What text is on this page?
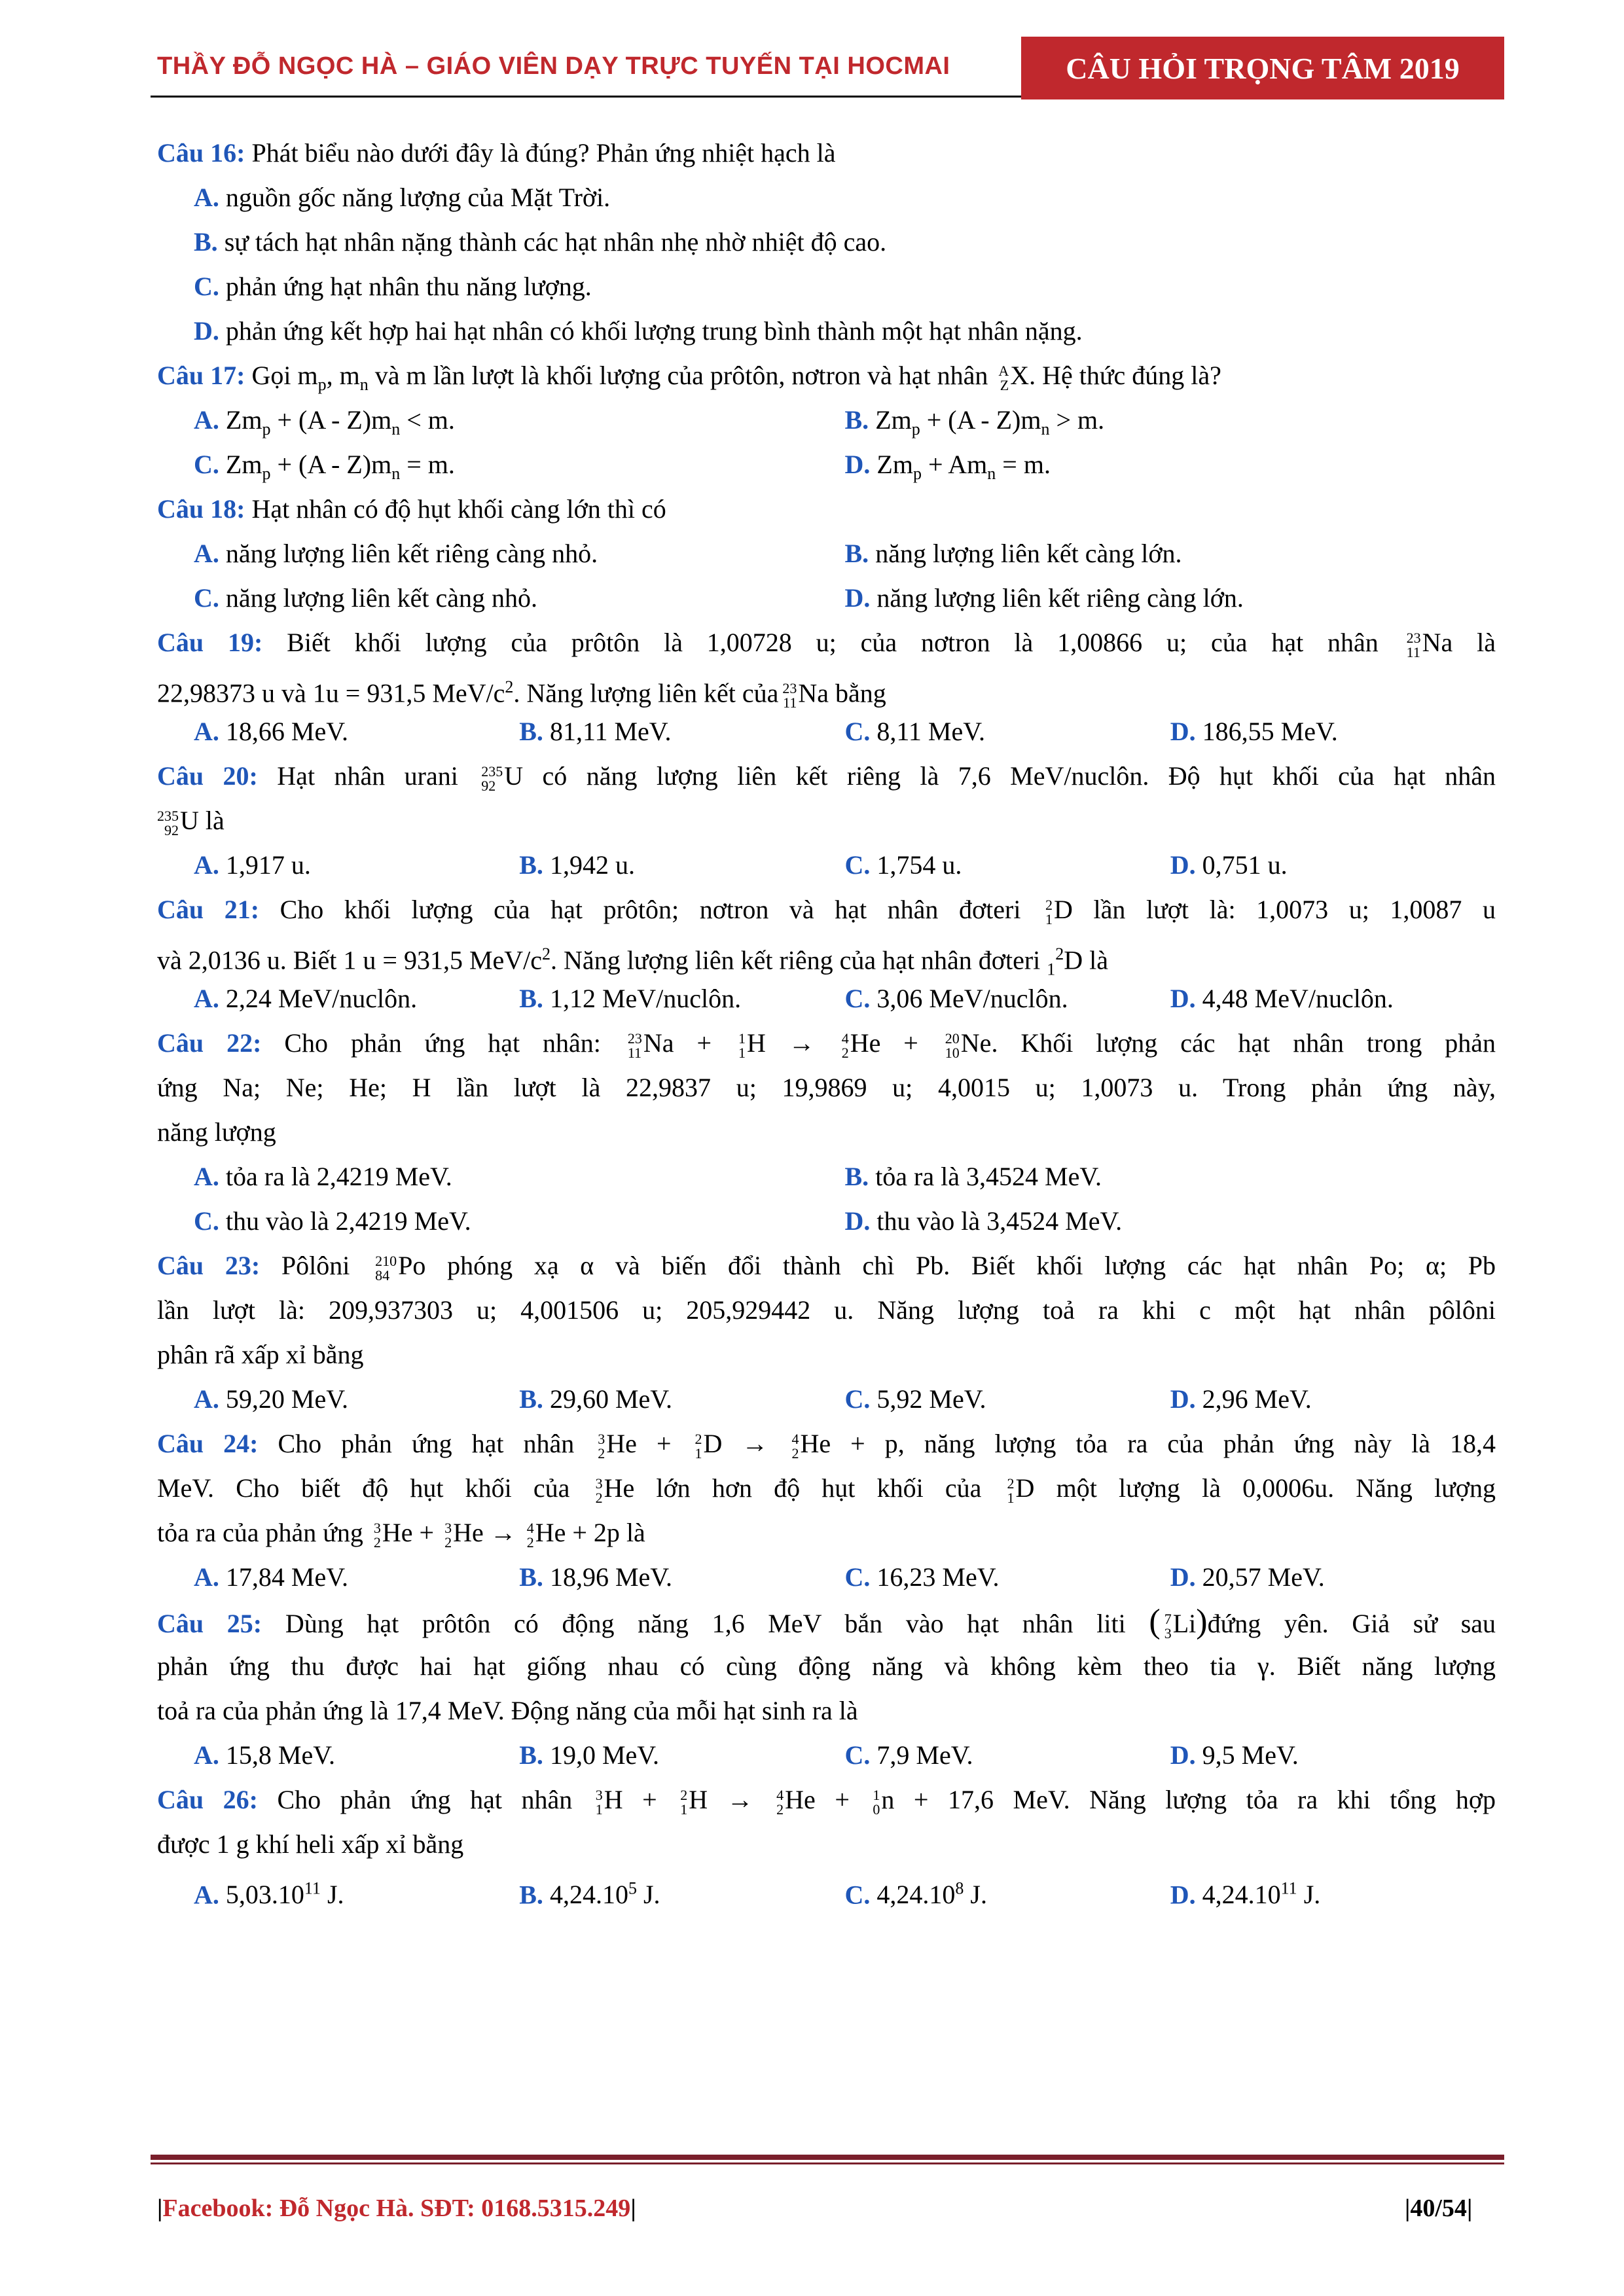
THẦY ĐỖ NGỌC HÀ – GIÁO VIÊN DẠY TRỰC TUYẾN TẠI HOCMAI	CÂU HỎI TRỌNG TÂM 2019
Câu 16: Phát biểu nào dưới đây là đúng? Phản ứng nhiệt hạch là
A. nguồn gốc năng lượng của Mặt Trời.
B. sự tách hạt nhân nặng thành các hạt nhân nhẹ nhờ nhiệt độ cao.
C. phản ứng hạt nhân thu năng lượng.
D. phản ứng kết hợp hai hạt nhân có khối lượng trung bình thành một hạt nhân nặng.
Câu 17: Gọi $m_p$, $m_n$ và m lần lượt là khối lượng của prôtôn, nơtron và hạt nhân A
Z X. Hệ thức đúng là?
A. $Zm_p + (A - Z)m_n < m$.	B. $Zm_p + (A - Z)m_n > m$.
C. $Zm_p + (A - Z)m_n = m$.	D. $Zm_p + Am_n = m$.
Câu 18: Hạt nhân có độ hụt khối càng lớn thì có
A. năng lượng liên kết riêng càng nhỏ.	B. năng lượng liên kết càng lớn.
C. năng lượng liên kết càng nhỏ.	D. năng lượng liên kết riêng càng lớn.
Câu 19: Biết khối lượng của prôtôn là 1,00728 u; của nơtron là 1,00866 u; của hạt nhân 23
11 Na là
22,98373 u và 1u = 931,5 MeV/$c^2$. Năng lượng liên kết của 23
11 Na bằng
A. 18,66 MeV.	B. 81,11 MeV.	C. 8,11 MeV.	D. 186,55 MeV.
Câu 20: Hạt nhân urani 235
92 U có năng lượng liên kết riêng là 7,6 MeV/nuclôn. Độ hụt khối của hạt nhân
235
92 U là
A. 1,917 u.	B. 1,942 u.	C. 1,754 u.	D. 0,751 u.
Câu 21: Cho khối lượng của hạt prôtôn; nơtron và hạt nhân đơteri 2
1 D lần lượt là: 1,0073 u; 1,0087 u
và 2,0136 u. Biết 1 u = 931,5 MeV/$c^2$. Năng lượng liên kết riêng của hạt nhân đơteri $_1^2$D là
A. 2,24 MeV/nuclôn.	B. 1,12 MeV/nuclôn.	C. 3,06 MeV/nuclôn.	D. 4,48 MeV/nuclôn.
Câu 22: Cho phản ứng hạt nhân: 23
11 Na + 1
1 H → 4
2 He + 20
10 Ne. Khối lượng các hạt nhân trong phản
ứng Na; Ne; He; H lần lượt là 22,9837 u; 19,9869 u; 4,0015 u; 1,0073 u. Trong phản ứng này,
năng lượng
A. tỏa ra là 2,4219 MeV.	B. tỏa ra là 3,4524 MeV.
C. thu vào là 2,4219 MeV.	D. thu vào là 3,4524 MeV.
Câu 23: Pôlôni 210
84 Po phóng xạ α và biến đổi thành chì Pb. Biết khối lượng các hạt nhân Po; α; Pb
lần lượt là: 209,937303 u; 4,001506 u; 205,929442 u. Năng lượng toả ra khi c một hạt nhân pôlôni
phân rã xấp xỉ bằng
A. 59,20 MeV.	B. 29,60 MeV.	C. 5,92 MeV.	D. 2,96 MeV.
Câu 24: Cho phản ứng hạt nhân 3
2 He + 2
1 D → 4
2 He + p, năng lượng tỏa ra của phản ứng này là 18,4
MeV. Cho biết độ hụt khối của 3
2 He lớn hơn độ hụt khối của 2
1 D một lượng là 0,0006u. Năng lượng
tỏa ra của phản ứng 3
2 He + 3
2 He → 4
2 He + 2p là
A. 17,84 MeV.	B. 18,96 MeV.	C. 16,23 MeV.	D. 20,57 MeV.
Câu 25: Dùng hạt prôtôn có động năng 1,6 MeV bắn vào hạt nhân liti ( 7
3 Li)đứng yên. Giả sử sau
phản ứng thu được hai hạt giống nhau có cùng động năng và không kèm theo tia γ. Biết năng lượng
toả ra của phản ứng là 17,4 MeV. Động năng của mỗi hạt sinh ra là
A. 15,8 MeV.	B. 19,0 MeV.	C. 7,9 MeV.	D. 9,5 MeV.
Câu 26: Cho phản ứng hạt nhân 3
1 H + 2
1 H → 4
2 He + 1
0 n + 17,6 MeV. Năng lượng tỏa ra khi tổng hợp
được 1 g khí heli xấp xỉ bằng
A. 5,03.10$^{11}$ J.	B. 4,24.10$^5$ J.	C. 4,24.10$^8$ J.	D. 4,24.10$^{11}$ J.
|Facebook: Đỗ Ngọc Hà. SĐT: 0168.5315.249|	|40/54|
